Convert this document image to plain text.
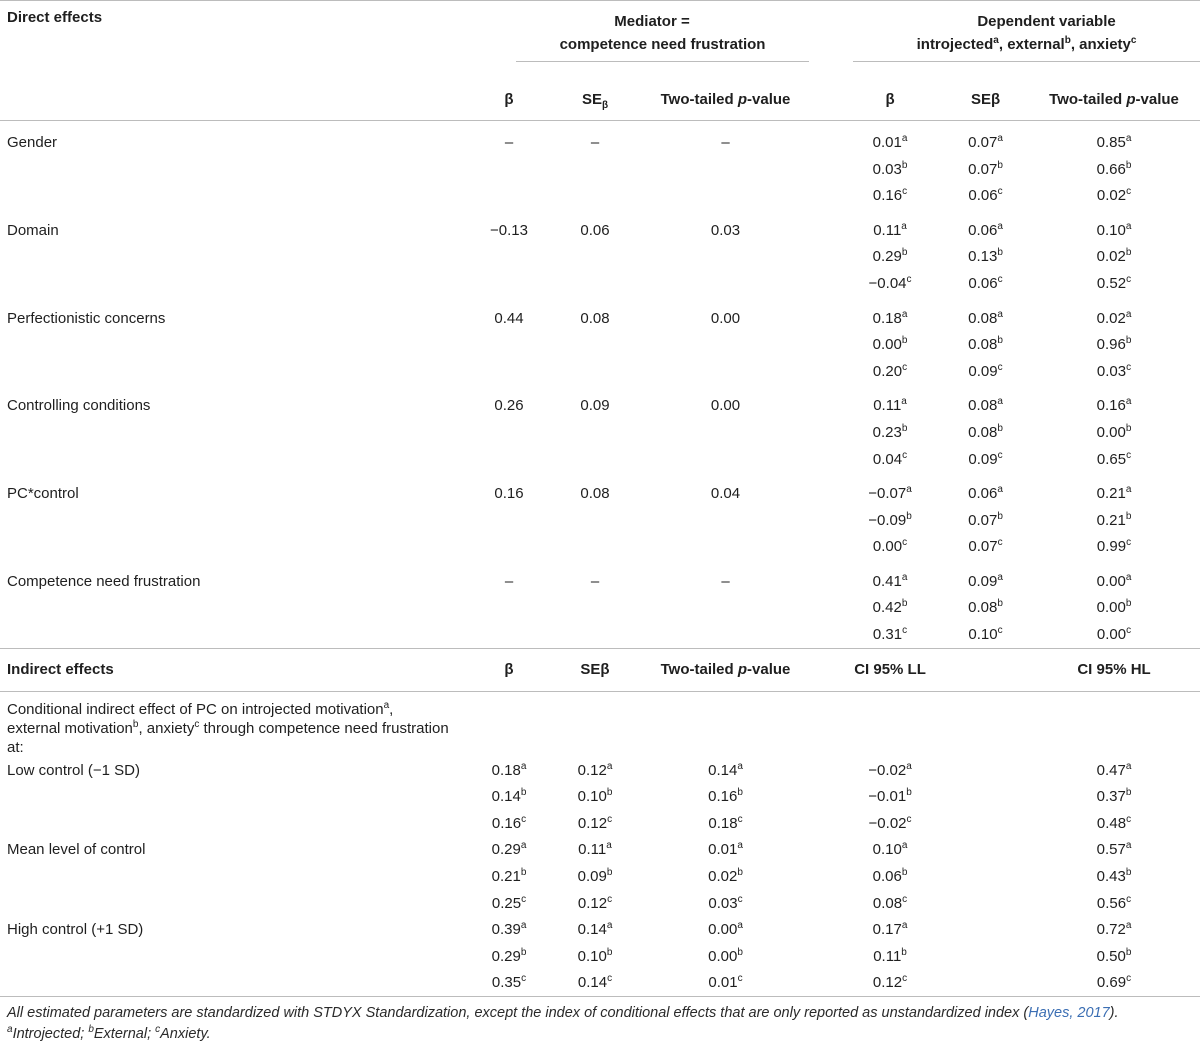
Direct effects	Mediator =			Dependent variable		

	competence need frustration			introjected$^a$, external$^b$, anxiety$^c$

	β	$SE_\beta$	Two-tailed p-value	β	SEβ	Two-tailed p-value
Gender	–	–	–	0.01$^a$	0.07$^a$	0.85$^a$
				0.03$^b$	0.07$^b$	0.66$^b$
				0.16$^c$	0.06$^c$	0.02$^c$
Domain	−0.13	0.06	0.03	0.11$^a$	0.06$^a$	0.10$^a$
				0.29$^b$	0.13$^b$	0.02$^b$
				−0.04$^c$	0.06$^c$	0.52$^c$
Perfectionistic concerns	0.44	0.08	0.00	0.18$^a$	0.08$^a$	0.02$^a$
				0.00$^b$	0.08$^b$	0.96$^b$
				0.20$^c$	0.09$^c$	0.03$^c$
Controlling conditions	0.26	0.09	0.00	0.11$^a$	0.08$^a$	0.16$^a$
				0.23$^b$	0.08$^b$	0.00$^b$
				0.04$^c$	0.09$^c$	0.65$^c$
PC*control	0.16	0.08	0.04	−0.07$^a$	0.06$^a$	0.21$^a$
				−0.09$^b$	0.07$^b$	0.21$^b$
				0.00$^c$	0.07$^c$	0.99$^c$
Competence need frustration	–	–	–	0.41$^a$	0.09$^a$	0.00$^a$
				0.42$^b$	0.08$^b$	0.00$^b$
				0.31$^c$	0.10$^c$	0.00$^c$
Indirect effects	β	SEβ	Two-tailed p-value	CI 95% LL		CI 95% HL
Conditional indirect effect of PC on introjected motivation$^a$,
external motivation$^b$, anxiety$^c$ through competence need frustration at:						
Low control (−1 SD)	0.18$^a$	0.12$^a$	0.14$^a$	−0.02$^a$		0.47$^a$
	0.14$^b$	0.10$^b$	0.16$^b$	−0.01$^b$		0.37$^b$
	0.16$^c$	0.12$^c$	0.18$^c$	−0.02$^c$		0.48$^c$
Mean level of control	0.29$^a$	0.11$^a$	0.01$^a$	0.10$^a$		0.57$^a$
	0.21$^b$	0.09$^b$	0.02$^b$	0.06$^b$		0.43$^b$
	0.25$^c$	0.12$^c$	0.03$^c$	0.08$^c$		0.56$^c$
High control (+1 SD)	0.39$^a$	0.14$^a$	0.00$^a$	0.17$^a$		0.72$^a$
	0.29$^b$	0.10$^b$	0.00$^b$	0.11$^b$		0.50$^b$
	0.35$^c$	0.14$^c$	0.01$^c$	0.12$^c$		0.69$^c$
All estimated parameters are standardized with STDYX Standardization, except the index of conditional effects that are only reported as unstandardized index (Hayes, 2017). $^a$Introjected; $^b$External; $^c$Anxiety.
